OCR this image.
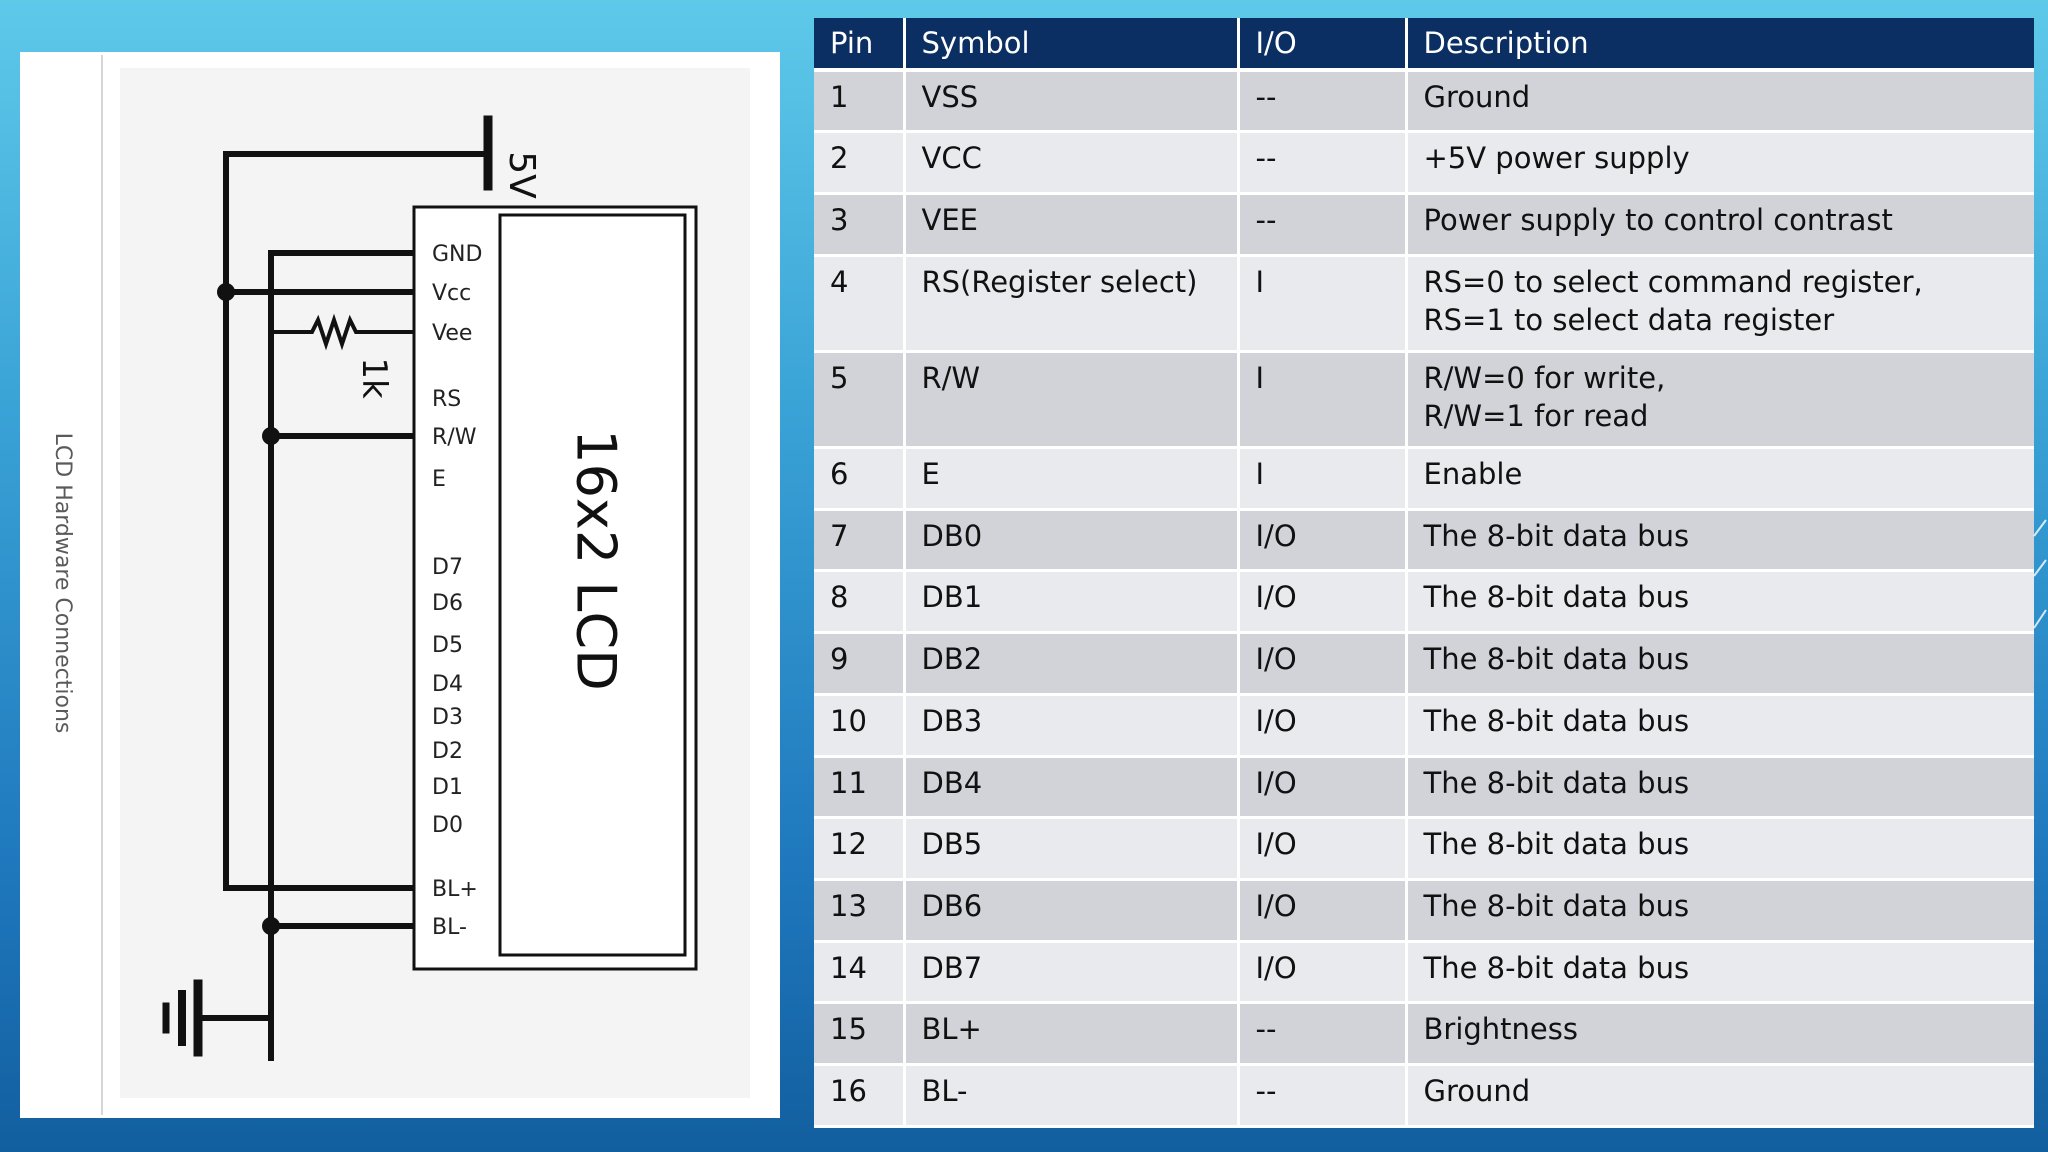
LCD Hardware Connections
5V
1k
16x2 LCD
GND
Vcc
Vee
RS
R/W
E
D7
D6
D5
D4
D3
D2
D1
D0
BL+
BL-
Pin	Symbol	I/O	Description
1	VSS	--	Ground

2	VCC	--	+5V power supply

3	VEE	--	Power supply to control contrast

4	RS(Register select)	I	RS=0 to select command register,
RS=1 to select data register

5	R/W	I	R/W=0 for write,
R/W=1 for read

6	E	I	Enable

7	DB0	I/O	The 8-bit data bus

8	DB1	I/O	The 8-bit data bus

9	DB2	I/O	The 8-bit data bus

10	DB3	I/O	The 8-bit data bus

11	DB4	I/O	The 8-bit data bus

12	DB5	I/O	The 8-bit data bus

13	DB6	I/O	The 8-bit data bus

14	DB7	I/O	The 8-bit data bus

15	BL+	--	Brightness

16	BL-	--	Ground
